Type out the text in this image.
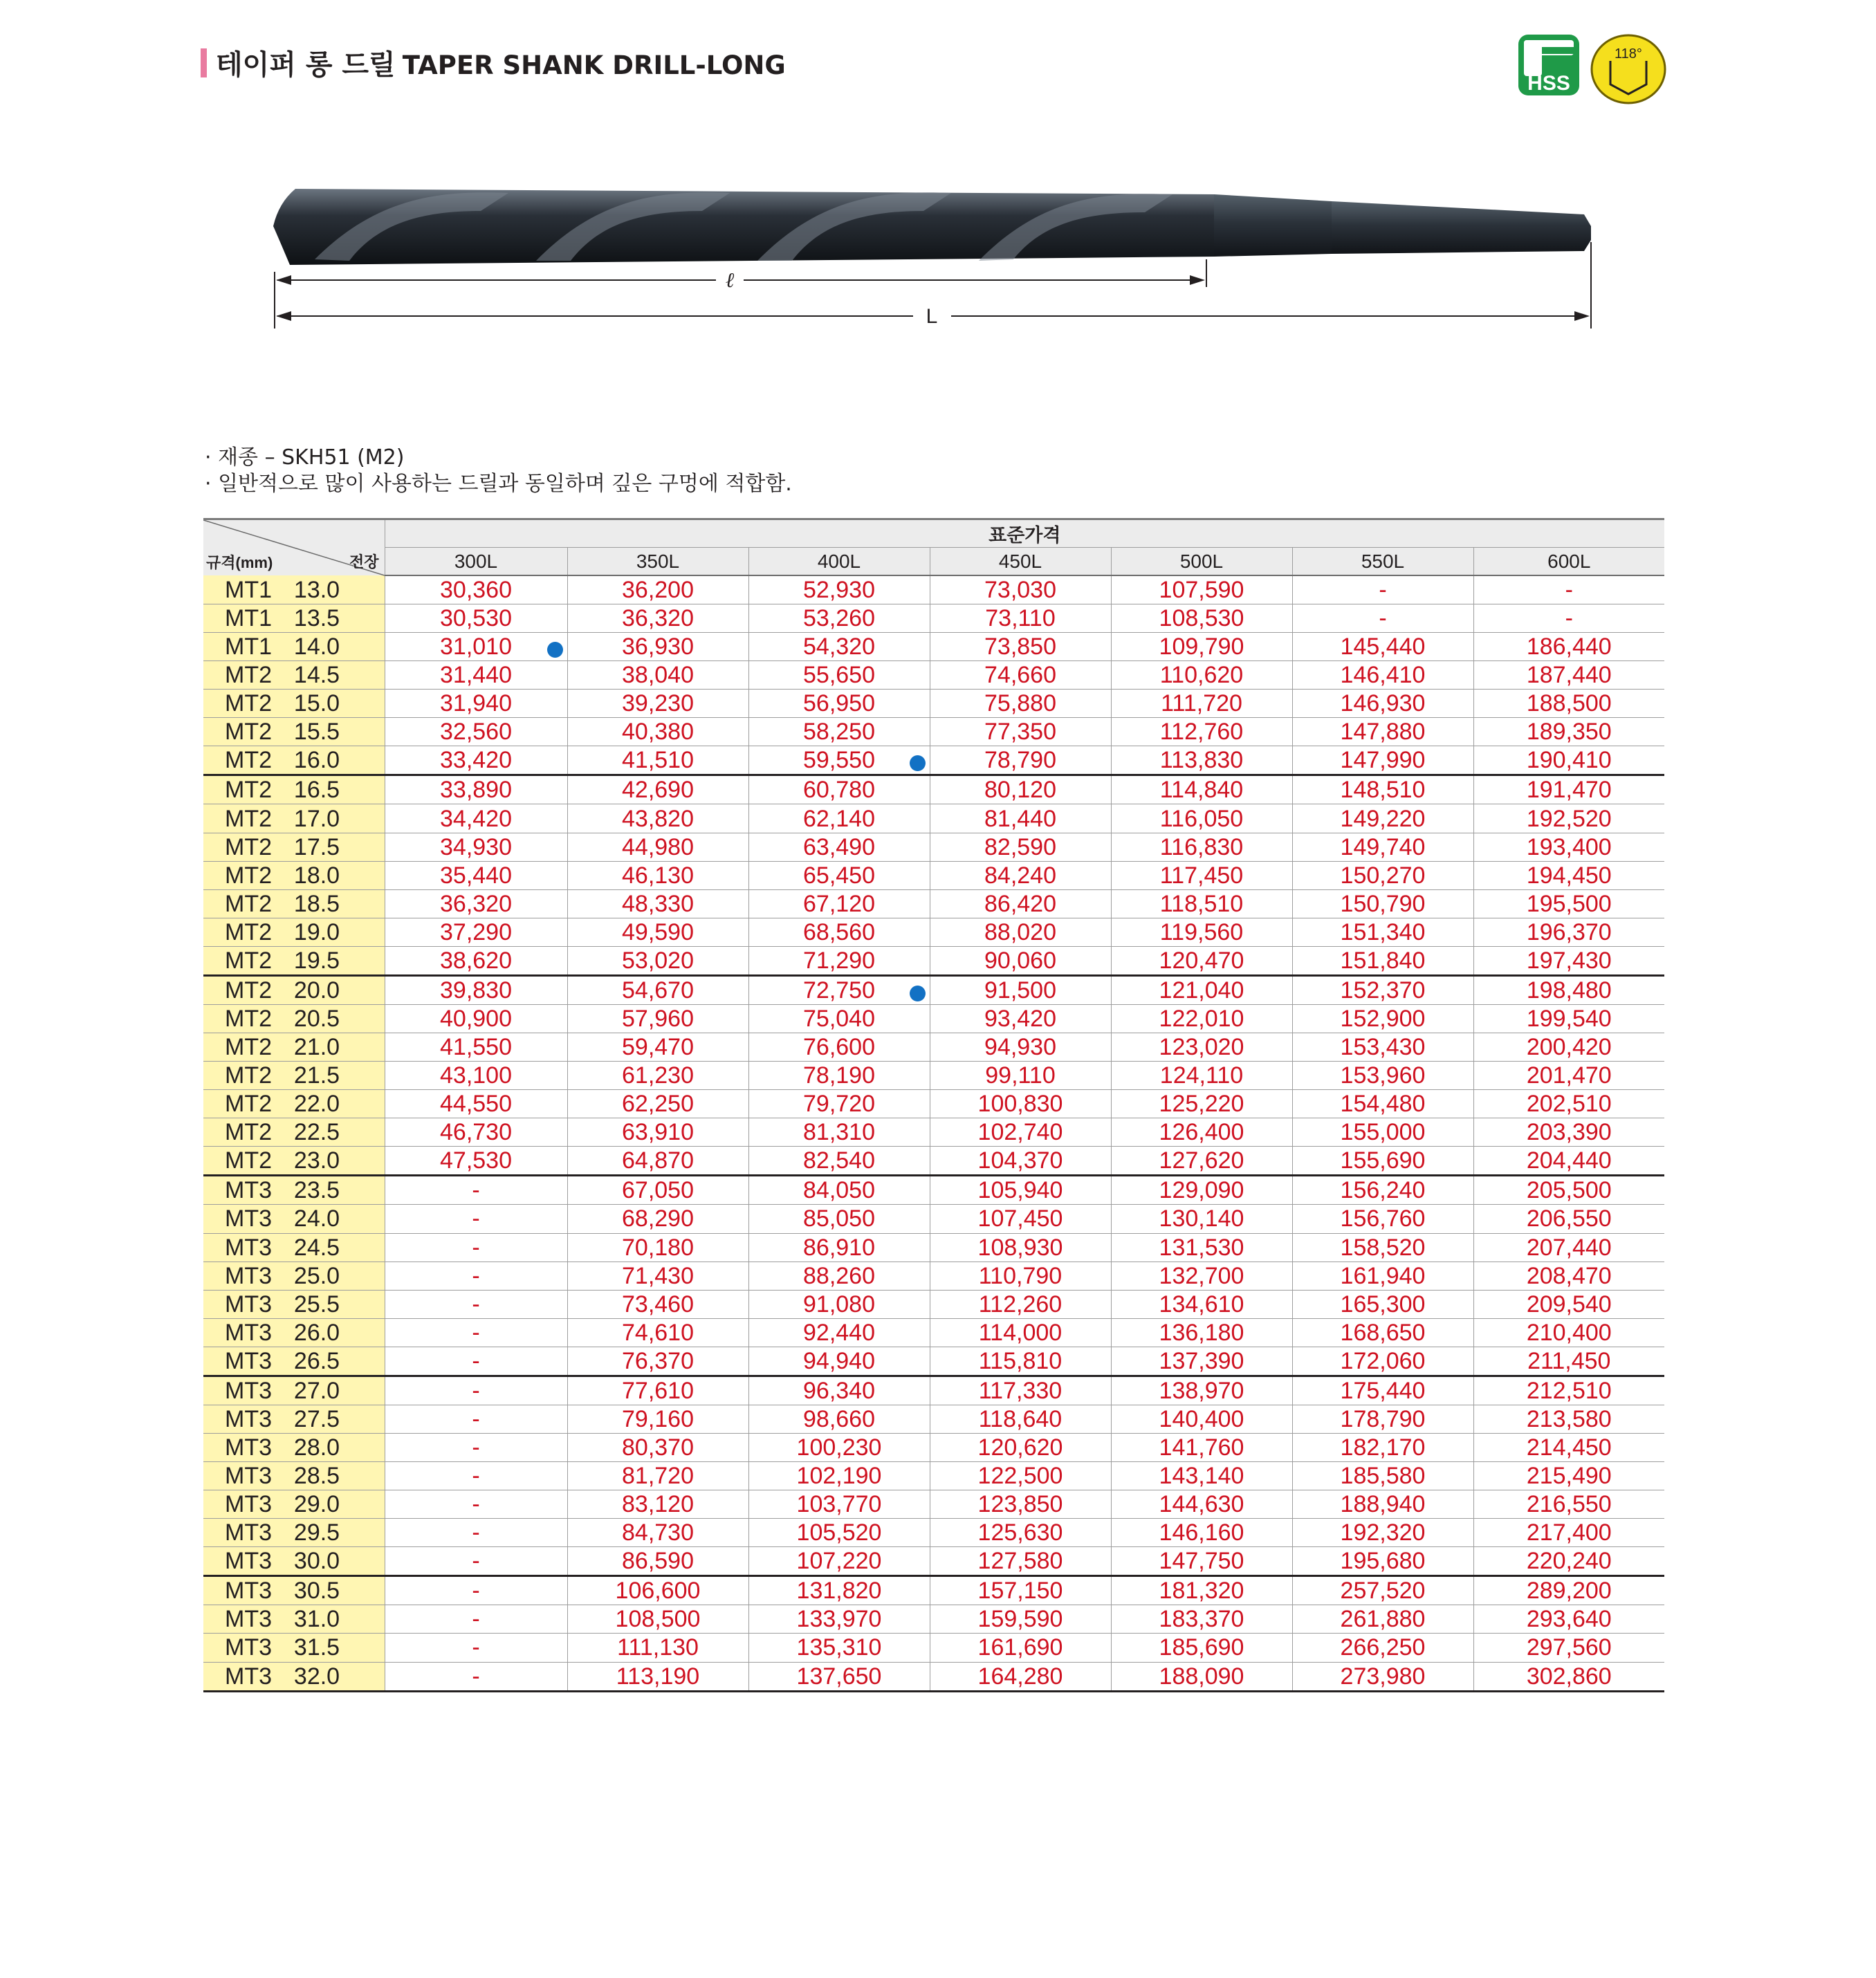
테이퍼 롱 드릴 TAPER SHANK DRILL-LONG
HSS
118°
ℓ
L
· 재종 – SKH51 (M2)
· 일반적으로 많이 사용하는 드릴과 동일하며 깊은 구멍에 적합함.
전장
규격(mm)	표준가격						
	300L	350L	400L	450L	500L	550L	600L
MT1 13.0	30,360	36,200	52,930	73,030	107,590	-	-
MT1 13.5	30,530	36,320	53,260	73,110	108,530	-	-
MT1 14.0	31,010	36,930	54,320	73,850	109,790	145,440	186,440
MT2 14.5	31,440	38,040	55,650	74,660	110,620	146,410	187,440
MT2 15.0	31,940	39,230	56,950	75,880	111,720	146,930	188,500
MT2 15.5	32,560	40,380	58,250	77,350	112,760	147,880	189,350
MT2 16.0	33,420	41,510	59,550	78,790	113,830	147,990	190,410
MT2 16.5	33,890	42,690	60,780	80,120	114,840	148,510	191,470
MT2 17.0	34,420	43,820	62,140	81,440	116,050	149,220	192,520
MT2 17.5	34,930	44,980	63,490	82,590	116,830	149,740	193,400
MT2 18.0	35,440	46,130	65,450	84,240	117,450	150,270	194,450
MT2 18.5	36,320	48,330	67,120	86,420	118,510	150,790	195,500
MT2 19.0	37,290	49,590	68,560	88,020	119,560	151,340	196,370
MT2 19.5	38,620	53,020	71,290	90,060	120,470	151,840	197,430
MT2 20.0	39,830	54,670	72,750	91,500	121,040	152,370	198,480
MT2 20.5	40,900	57,960	75,040	93,420	122,010	152,900	199,540
MT2 21.0	41,550	59,470	76,600	94,930	123,020	153,430	200,420
MT2 21.5	43,100	61,230	78,190	99,110	124,110	153,960	201,470
MT2 22.0	44,550	62,250	79,720	100,830	125,220	154,480	202,510
MT2 22.5	46,730	63,910	81,310	102,740	126,400	155,000	203,390
MT2 23.0	47,530	64,870	82,540	104,370	127,620	155,690	204,440
MT3 23.5	-	67,050	84,050	105,940	129,090	156,240	205,500
MT3 24.0	-	68,290	85,050	107,450	130,140	156,760	206,550
MT3 24.5	-	70,180	86,910	108,930	131,530	158,520	207,440
MT3 25.0	-	71,430	88,260	110,790	132,700	161,940	208,470
MT3 25.5	-	73,460	91,080	112,260	134,610	165,300	209,540
MT3 26.0	-	74,610	92,440	114,000	136,180	168,650	210,400
MT3 26.5	-	76,370	94,940	115,810	137,390	172,060	211,450
MT3 27.0	-	77,610	96,340	117,330	138,970	175,440	212,510
MT3 27.5	-	79,160	98,660	118,640	140,400	178,790	213,580
MT3 28.0	-	80,370	100,230	120,620	141,760	182,170	214,450
MT3 28.5	-	81,720	102,190	122,500	143,140	185,580	215,490
MT3 29.0	-	83,120	103,770	123,850	144,630	188,940	216,550
MT3 29.5	-	84,730	105,520	125,630	146,160	192,320	217,400
MT3 30.0	-	86,590	107,220	127,580	147,750	195,680	220,240
MT3 30.5	-	106,600	131,820	157,150	181,320	257,520	289,200
MT3 31.0	-	108,500	133,970	159,590	183,370	261,880	293,640
MT3 31.5	-	111,130	135,310	161,690	185,690	266,250	297,560
MT3 32.0	-	113,190	137,650	164,280	188,090	273,980	302,860
